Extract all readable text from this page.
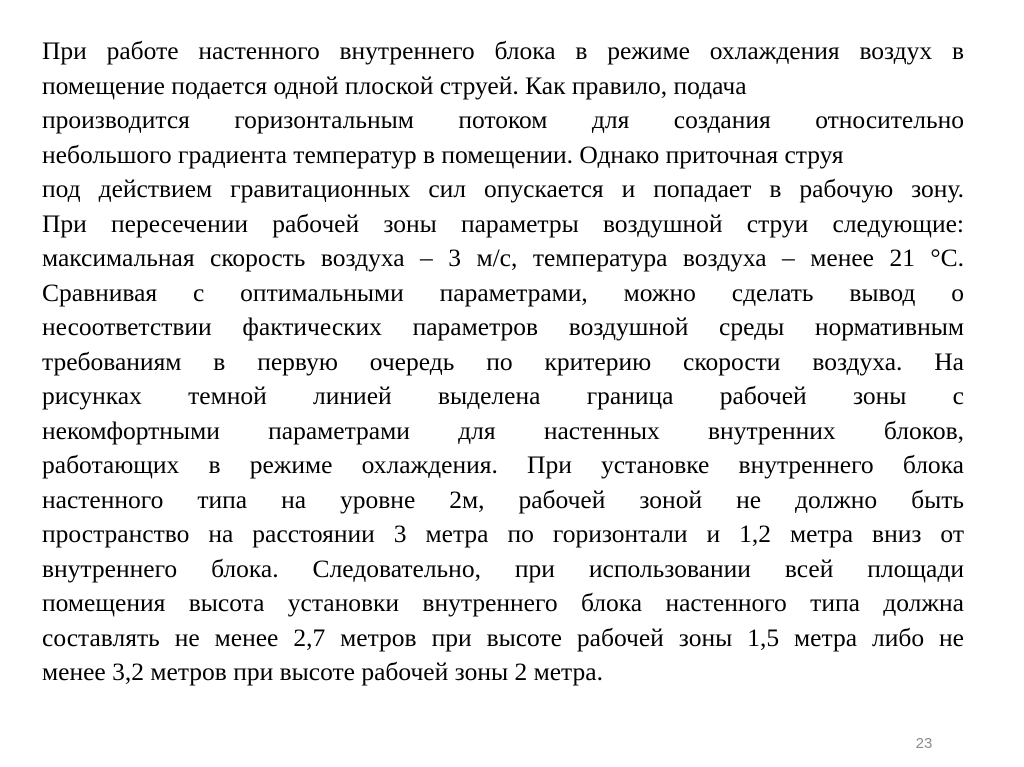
При работе настенного внутреннего блока в режиме охлаждения воздух в
помещение подается одной плоской струей. Как правило, подача
производится горизонтальным потоком для создания относительно
небольшого градиента температур в помещении. Однако приточная струя
под действием гравитационных сил опускается и попадает в рабочую зону.
При пересечении рабочей зоны параметры воздушной струи следующие:
максимальная скорость воздуха – 3 м/с, температура воздуха – менее 21 °С.
Сравнивая с оптимальными параметрами, можно сделать вывод о
несоответствии фактических параметров воздушной среды нормативным
требованиям в первую очередь по критерию скорости воздуха. На
рисунках темной линией выделена граница рабочей зоны с
некомфортными параметрами для настенных внутренних блоков,
работающих в режиме охлаждения. При установке внутреннего блока
настенного типа на уровне 2м, рабочей зоной не должно быть
пространство на расстоянии 3 метра по горизонтали и 1,2 метра вниз от
внутреннего блока. Следовательно, при использовании всей площади
помещения высота установки внутреннего блока настенного типа должна
составлять не менее 2,7 метров при высоте рабочей зоны 1,5 метра либо не
менее 3,2 метров при высоте рабочей зоны 2 метра.
23
